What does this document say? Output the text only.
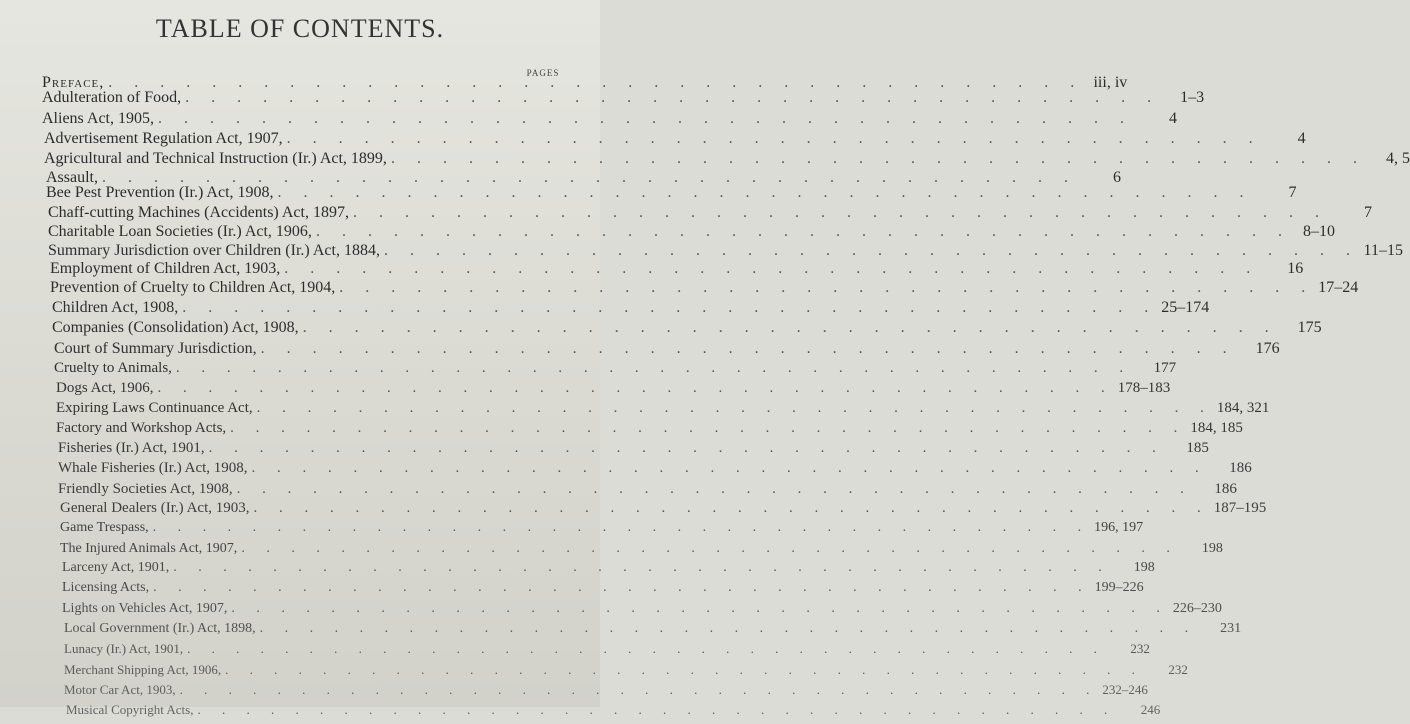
TABLE OF CONTENTS.
PAGES
Preface, . . .	iii, iv
Adulteration of Food, . . .	1–3
Aliens Act, 1905, . . .	4
Advertisement Regulation Act, 1907, . . .	4
Agricultural and Technical Instruction (Ir.) Act, 1899, . . .	4, 5
Assault, . . .	6
Bee Pest Prevention (Ir.) Act, 1908, . . .	7
Chaff-cutting Machines (Accidents) Act, 1897, . . .	7
Charitable Loan Societies (Ir.) Act, 1906, . . .	8–10
Summary Jurisdiction over Children (Ir.) Act, 1884, . . .	11–15
Employment of Children Act, 1903, . . .	16
Prevention of Cruelty to Children Act, 1904, . . .	17–24
Children Act, 1908, . . .	25–174
Companies (Consolidation) Act, 1908, . . .	175
Court of Summary Jurisdiction, . . .	176
Cruelty to Animals, . . .	177
Dogs Act, 1906, . . .	178–183
Expiring Laws Continuance Act, . . .	184, 321
Factory and Workshop Acts, . . .	184, 185
Fisheries (Ir.) Act, 1901, . . .	185
Whale Fisheries (Ir.) Act, 1908, . . .	186
Friendly Societies Act, 1908, . . .	186
General Dealers (Ir.) Act, 1903, . . .	187–195
Game Trespass, . . .	196, 197
The Injured Animals Act, 1907, . . .	198
Larceny Act, 1901, . . .	198
Licensing Acts, . . .	199–226
Lights on Vehicles Act, 1907, . . .	226–230
Local Government (Ir.) Act, 1898, . . .	231
Lunacy (Ir.) Act, 1901, . . .	232
Merchant Shipping Act, 1906, . . .	232
Motor Car Act, 1903, . . .	232–246
Musical Copyright Acts, . . .	246
